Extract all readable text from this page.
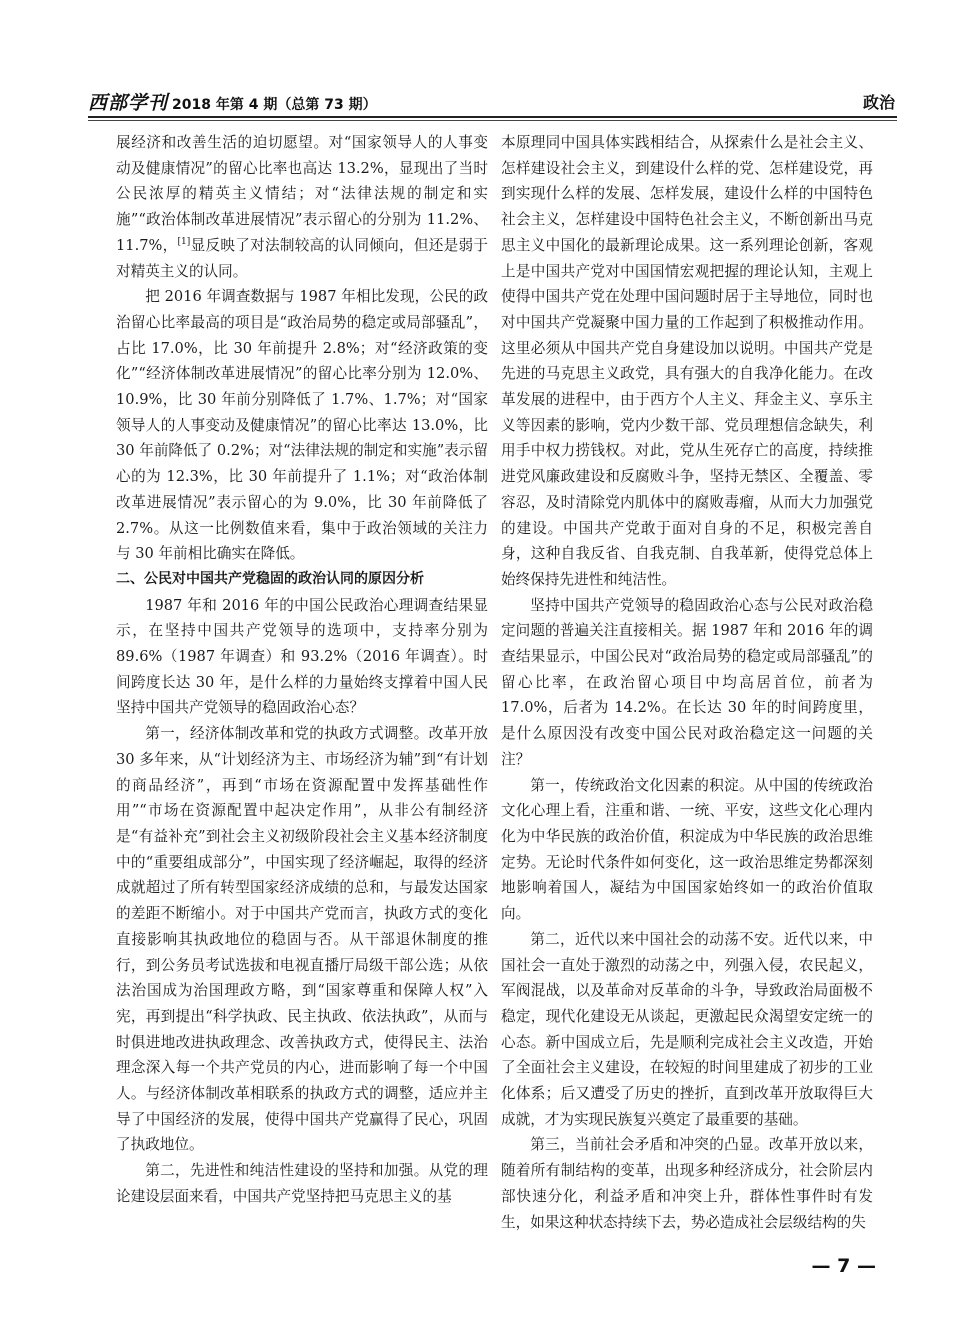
西部学刊 2018 年第 4 期（总第 73 期）	政治

展经济和改善生活的迫切愿望。对“国家领导人的人事变动及健康情况”的留心比率也高达 13.2%，显现出了当时公民浓厚的精英主义情结；对“法律法规的制定和实施”“政治体制改革进展情况”表示留心的分别为 11.2%、11.7%，[1]显反映了对法制较高的认同倾向，但还是弱于对精英主义的认同。

把 2016 年调查数据与 1987 年相比发现，公民的政治留心比率最高的项目是“政治局势的稳定或局部骚乱”，占比 17.0%，比 30 年前提升 2.8%；对“经济政策的变化”“经济体制改革进展情况”的留心比率分别为 12.0%、10.9%，比 30 年前分别降低了 1.7%、1.7%；对“国家领导人的人事变动及健康情况”的留心比率达 13.0%，比 30 年前降低了 0.2%；对“法律法规的制定和实施”表示留心的为 12.3%，比 30 年前提升了 1.1%；对“政治体制改革进展情况”表示留心的为 9.0%，比 30 年前降低了 2.7%。从这一比例数值来看，集中于政治领域的关注力与 30 年前相比确实在降低。

二、公民对中国共产党稳固的政治认同的原因分析

1987 年和 2016 年的中国公民政治心理调查结果显示，在坚持中国共产党领导的选项中，支持率分别为 89.6%（1987 年调查）和 93.2%（2016 年调查）。时间跨度长达 30 年，是什么样的力量始终支撑着中国人民坚持中国共产党领导的稳固政治心态？

第一，经济体制改革和党的执政方式调整。改革开放 30 多年来，从“计划经济为主、市场经济为辅”到“有计划的商品经济”，再到“市场在资源配置中发挥基础性作用”“市场在资源配置中起决定作用”，从非公有制经济是“有益补充”到社会主义初级阶段社会主义基本经济制度中的“重要组成部分”，中国实现了经济崛起，取得的经济成就超过了所有转型国家经济成绩的总和，与最发达国家的差距不断缩小。对于中国共产党而言，执政方式的变化直接影响其执政地位的稳固与否。从干部退休制度的推行，到公务员考试选拔和电视直播厅局级干部公选；从依法治国成为治国理政方略，到“国家尊重和保障人权”入宪，再到提出“科学执政、民主执政、依法执政”，从而与时俱进地改进执政理念、改善执政方式，使得民主、法治理念深入每一个共产党员的内心，进而影响了每一个中国人。与经济体制改革相联系的执政方式的调整，适应并主导了中国经济的发展，使得中国共产党赢得了民心，巩固了执政地位。

第二，先进性和纯洁性建设的坚持和加强。从党的理论建设层面来看，中国共产党坚持把马克思主义的基

本原理同中国具体实践相结合，从探索什么是社会主义、怎样建设社会主义，到建设什么样的党、怎样建设党，再到实现什么样的发展、怎样发展，建设什么样的中国特色社会主义，怎样建设中国特色社会主义，不断创新出马克思主义中国化的最新理论成果。这一系列理论创新，客观上是中国共产党对中国国情宏观把握的理论认知，主观上使得中国共产党在处理中国问题时居于主导地位，同时也对中国共产党凝聚中国力量的工作起到了积极推动作用。这里必须从中国共产党自身建设加以说明。中国共产党是先进的马克思主义政党，具有强大的自我净化能力。在改革发展的进程中，由于西方个人主义、拜金主义、享乐主义等因素的影响，党内少数干部、党员理想信念缺失，利用手中权力捞钱权。对此，党从生死存亡的高度，持续推进党风廉政建设和反腐败斗争，坚持无禁区、全覆盖、零容忍，及时清除党内肌体中的腐败毒瘤，从而大力加强党的建设。中国共产党敢于面对自身的不足，积极完善自身，这种自我反省、自我克制、自我革新，使得党总体上始终保持先进性和纯洁性。

坚持中国共产党领导的稳固政治心态与公民对政治稳定问题的普遍关注直接相关。据 1987 年和 2016 年的调查结果显示，中国公民对“政治局势的稳定或局部骚乱”的留心比率，在政治留心项目中均高居首位，前者为 17.0%，后者为 14.2%。在长达 30 年的时间跨度里，是什么原因没有改变中国公民对政治稳定这一问题的关注？

第一，传统政治文化因素的积淀。从中国的传统政治文化心理上看，注重和谐、一统、平安，这些文化心理内化为中华民族的政治价值，积淀成为中华民族的政治思维定势。无论时代条件如何变化，这一政治思维定势都深刻地影响着国人，凝结为中国国家始终如一的政治价值取向。

第二，近代以来中国社会的动荡不安。近代以来，中国社会一直处于激烈的动荡之中，列强入侵，农民起义，军阀混战，以及革命对反革命的斗争，导致政治局面极不稳定，现代化建设无从谈起，更激起民众渴望安定统一的心态。新中国成立后，先是顺利完成社会主义改造，开始了全面社会主义建设，在较短的时间里建成了初步的工业化体系；后又遭受了历史的挫折，直到改革开放取得巨大成就，才为实现民族复兴奠定了最重要的基础。

第三，当前社会矛盾和冲突的凸显。改革开放以来，随着所有制结构的变革，出现多种经济成分，社会阶层内部快速分化，利益矛盾和冲突上升，群体性事件时有发生，如果这种状态持续下去，势必造成社会层级结构的失

— 7 —
